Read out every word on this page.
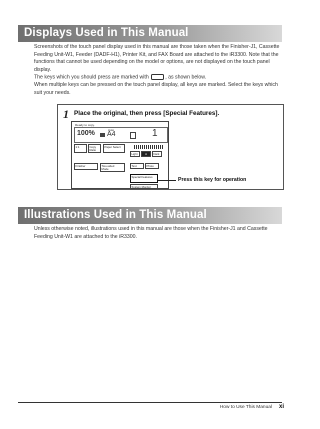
Displays Used in This Manual
Screenshots of the touch panel display used in this manual are those taken when the Finisher-J1, Cassette Feeding Unit-W1, Feeder (DADF-H1), Printer Kit, and FAX Board are attached to the iR3300. Note that the functions that cannot be used depending on the model or options, are not displayed on the touch panel display.
The keys which you should press are marked with	, as shown below.
When multiple keys can be pressed on the touch panel display, all keys are marked. Select the keys which suit your needs.
1 Place the original, then press [Special Features].
Ready to copy.
100%	Auto
A4	1
1:1	Copy Ratio
Paper Select
Light	A	Dark
Finisher	Two-sided
Mode
Text	Photo
Special Features
System Monitor
Press this key for operation
Illustrations Used in This Manual
Unless otherwise noted, illustrations used in this manual are those when the Finisher-J1 and Cassette Feeding Unit-W1 are attached to the iR3300.
How to Use This Manual xi
